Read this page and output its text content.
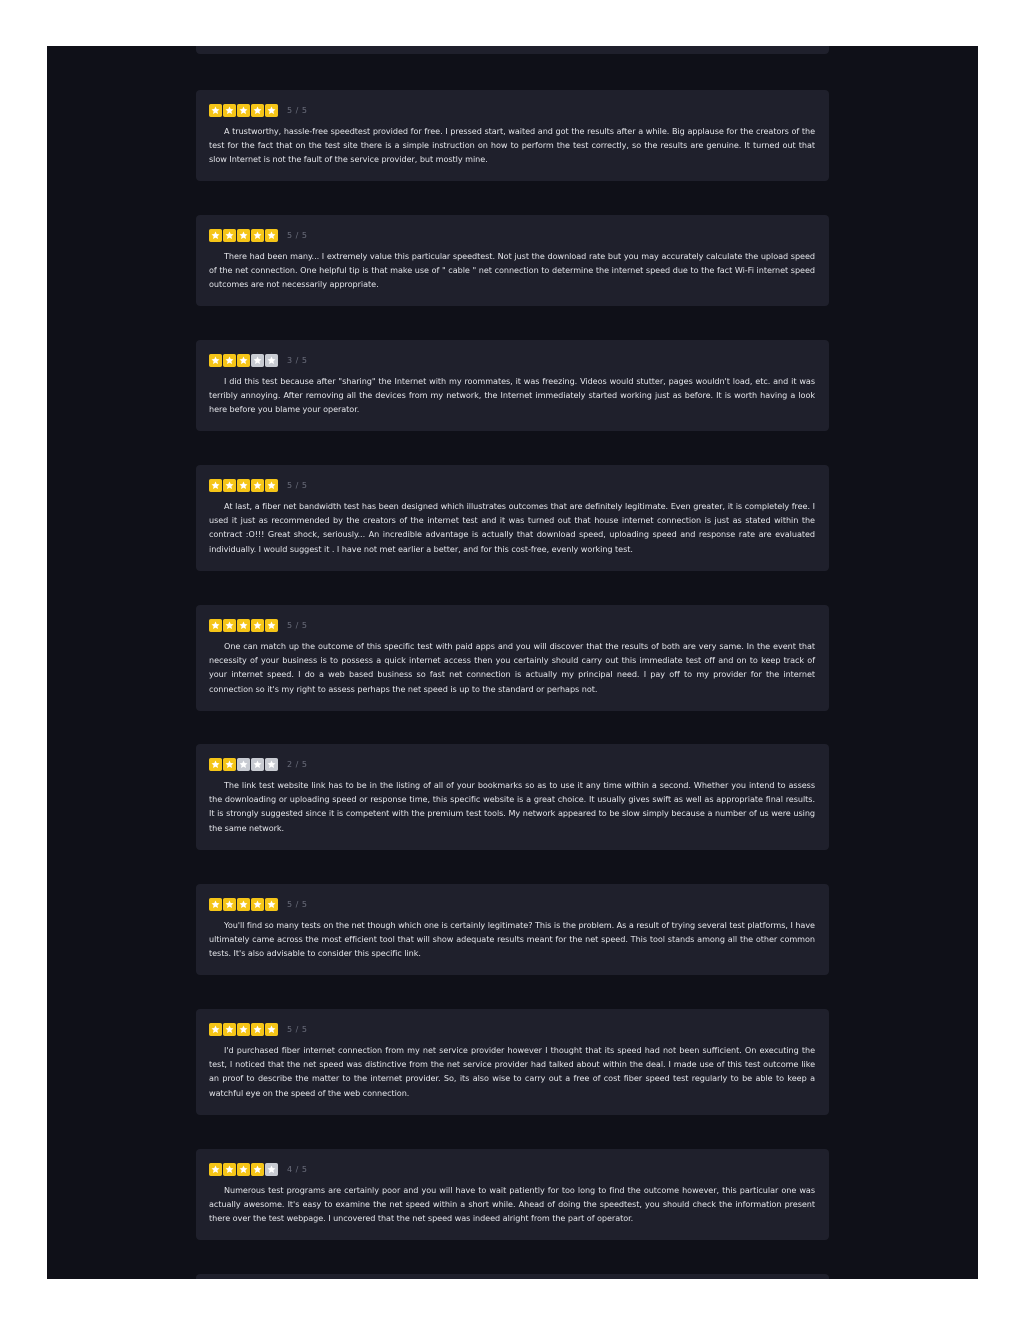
5 / 5

A trustworthy, hassle-free speedtest provided for free. I pressed start, waited and got the results after a while. Big applause for the creators of the test for the fact that on the test site there is a simple instruction on how to perform the test correctly, so the results are genuine. It turned out that slow Internet is not the fault of the service provider, but mostly mine.

5 / 5

There had been many... I extremely value this particular speedtest. Not just the download rate but you may accurately calculate the upload speed of the net connection. One helpful tip is that make use of " cable " net connection to determine the internet speed due to the fact Wi-Fi internet speed outcomes are not necessarily appropriate.

3 / 5

I did this test because after "sharing" the Internet with my roommates, it was freezing. Videos would stutter, pages wouldn't load, etc. and it was terribly annoying. After removing all the devices from my network, the Internet immediately started working just as before. It is worth having a look here before you blame your operator.

5 / 5

At last, a fiber net bandwidth test has been designed which illustrates outcomes that are definitely legitimate. Even greater, it is completely free. I used it just as recommended by the creators of the internet test and it was turned out that house internet connection is just as stated within the contract :O!!! Great shock, seriously... An incredible advantage is actually that download speed, uploading speed and response rate are evaluated individually. I would suggest it . I have not met earlier a better, and for this cost-free, evenly working test.

5 / 5

One can match up the outcome of this specific test with paid apps and you will discover that the results of both are very same. In the event that necessity of your business is to possess a quick internet access then you certainly should carry out this immediate test off and on to keep track of your internet speed. I do a web based business so fast net connection is actually my principal need. I pay off to my provider for the internet connection so it's my right to assess perhaps the net speed is up to the standard or perhaps not.

2 / 5

The link test website link has to be in the listing of all of your bookmarks so as to use it any time within a second. Whether you intend to assess the downloading or uploading speed or response time, this specific website is a great choice. It usually gives swift as well as appropriate final results. It is strongly suggested since it is competent with the premium test tools. My network appeared to be slow simply because a number of us were using the same network.

5 / 5

You'll find so many tests on the net though which one is certainly legitimate? This is the problem. As a result of trying several test platforms, I have ultimately came across the most efficient tool that will show adequate results meant for the net speed. This tool stands among all the other common tests. It's also advisable to consider this specific link.

5 / 5

I'd purchased fiber internet connection from my net service provider however I thought that its speed had not been sufficient. On executing the test, I noticed that the net speed was distinctive from the net service provider had talked about within the deal. I made use of this test outcome like an proof to describe the matter to the internet provider. So, its also wise to carry out a free of cost fiber speed test regularly to be able to keep a watchful eye on the speed of the web connection.

4 / 5

Numerous test programs are certainly poor and you will have to wait patiently for too long to find the outcome however, this particular one was actually awesome. It's easy to examine the net speed within a short while. Ahead of doing the speedtest, you should check the information present there over the test webpage. I uncovered that the net speed was indeed alright from the part of operator.
